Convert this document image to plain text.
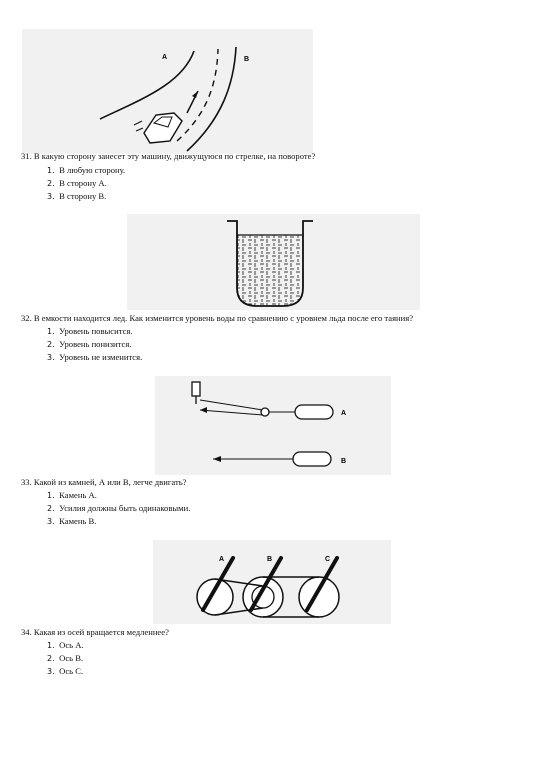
A	B
31. В какую сторону занесет эту машину, движущуюся по стрелке, на повороте?
1. В любую сторону.
2. В сторону А.
3. В сторону В.
32. В емкости находится лед. Как изменится уровень воды по сравнению с уровнем льда после его таяния?
1. Уровень повысится.
2. Уровень понизится.
3. Уровень не изменится.
A
B
33. Какой из камней, А или В, легче двигать?
1. Камень А.
2. Усилия должны быть одинаковыми.
3. Камень В.
A	B	C
34. Какая из осей вращается медленнее?
1. Ось А.
2. Ось В.
3. Ось С.
